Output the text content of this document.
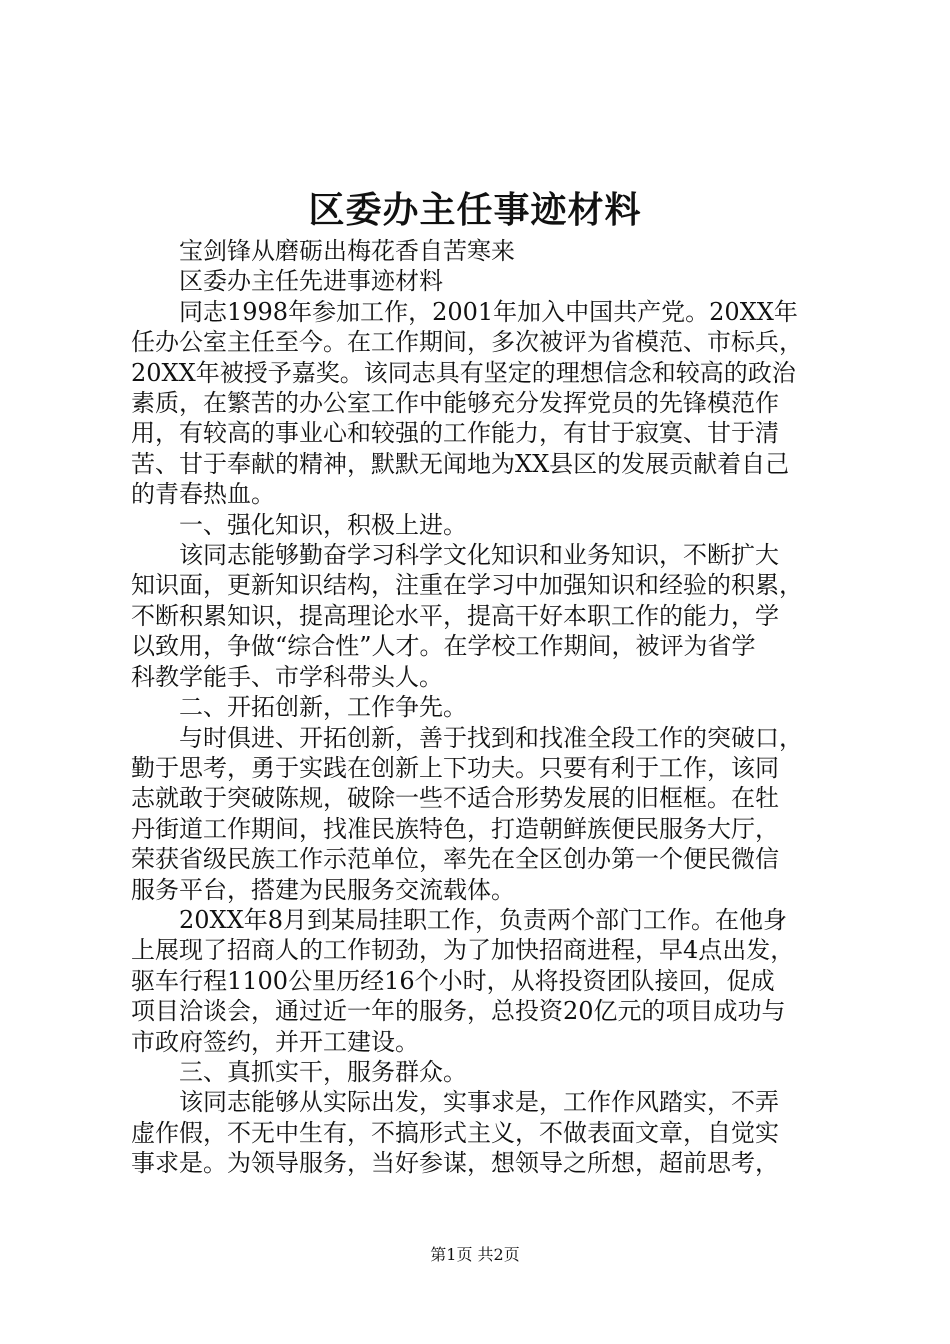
区委办主任事迹材料
宝剑锋从磨砺出梅花香自苦寒来
区委办主任先进事迹材料
同志1998年参加工作，2001年加入中国共产党。20XX年
任办公室主任至今。在工作期间，多次被评为省模范、市标兵，
20XX年被授予嘉奖。该同志具有坚定的理想信念和较高的政治
素质，在繁苦的办公室工作中能够充分发挥党员的先锋模范作
用，有较高的事业心和较强的工作能力，有甘于寂寞、甘于清
苦、甘于奉献的精神，默默无闻地为XX县区的发展贡献着自己
的青春热血。
一、强化知识，积极上进。
该同志能够勤奋学习科学文化知识和业务知识，不断扩大
知识面，更新知识结构，注重在学习中加强知识和经验的积累，
不断积累知识，提高理论水平，提高干好本职工作的能力，学
以致用，争做“综合性”人才。在学校工作期间，被评为省学
科教学能手、市学科带头人。
二、开拓创新，工作争先。
与时俱进、开拓创新，善于找到和找准全段工作的突破口，
勤于思考，勇于实践在创新上下功夫。只要有利于工作，该同
志就敢于突破陈规，破除一些不适合形势发展的旧框框。在牡
丹街道工作期间，找准民族特色，打造朝鲜族便民服务大厅，
荣获省级民族工作示范单位，率先在全区创办第一个便民微信
服务平台，搭建为民服务交流载体。
20XX年8月到某局挂职工作，负责两个部门工作。在他身
上展现了招商人的工作韧劲，为了加快招商进程，早4点出发，
驱车行程1100公里历经16个小时，从将投资团队接回，促成
项目洽谈会，通过近一年的服务，总投资20亿元的项目成功与
市政府签约，并开工建设。
三、真抓实干，服务群众。
该同志能够从实际出发，实事求是，工作作风踏实，不弄
虚作假，不无中生有，不搞形式主义，不做表面文章，自觉实
事求是。为领导服务，当好参谋，想领导之所想，超前思考，
第1页 共2页
